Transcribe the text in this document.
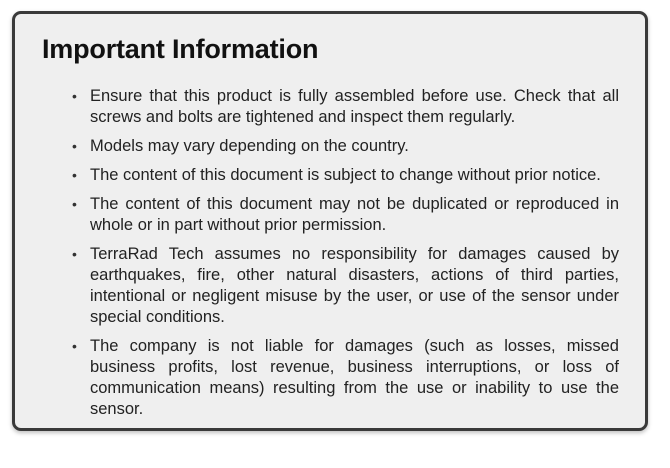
Important Information
• Ensure that this product is fully assembled before use. Check that all screws and bolts are tightened and inspect them regularly.
• Models may vary depending on the country.
• The content of this document is subject to change without prior notice.
• The content of this document may not be duplicated or reproduced in whole or in part without prior permission.
• TerraRad Tech assumes no responsibility for damages caused by earthquakes, fire, other natural disasters, actions of third parties, intentional or negligent misuse by the user, or use of the sensor under special conditions.
• The company is not liable for damages (such as losses, missed business profits, lost revenue, business interruptions, or loss of communication means) resulting from the use or inability to use the sensor.
